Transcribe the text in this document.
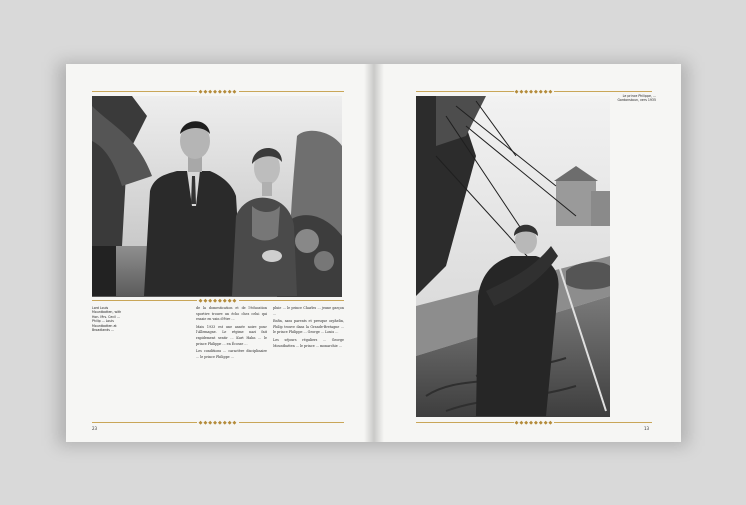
◆◆◆◆◆◆◆◆
◆◆◆◆◆◆◆◆
Lord Louis Mountbatten, with Hon. Mrs. Cecil ... Philip ... Louis Mountbatten at Broadlands ...

de la domestication et de l'éducation sportive trouve un écho chez celui qui essaie en vain d'être ...

Mais 1933 est une année noire pour l'Allemagne. Le régime nazi fait rapidement sentir ... Kurt Hahn ... le prince Philippe ... en Écosse ...

Les conditions ... caractère disciplinaire ... le prince Philippe ...

pluie ... le prince Charles ... jeune garçon ...

Enfin, sans parents et presque orphelin, Philip trouve dans la Grande-Bretagne ... le prince Philippe ... George ... Louis ...

Les séjours réguliers ... George Mountbatten ... le prince ... monarchie ...

◆◆◆◆◆◆◆◆
23
◆◆◆◆◆◆◆◆
Le prince Philippe, ... Gordonstoun, vers 1935
◆◆◆◆◆◆◆◆
13
